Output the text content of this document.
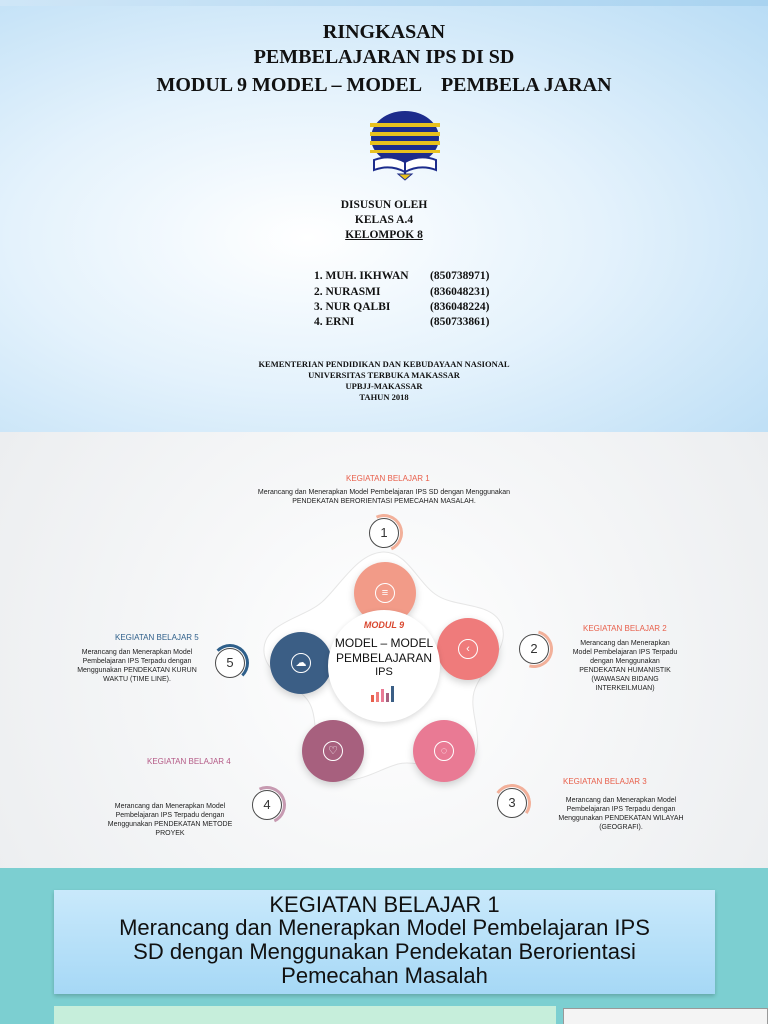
RINGKASAN
PEMBELAJARAN IPS DI SD
MODUL 9 MODEL – MODEL    PEMBELA JARAN
DISUSUN OLEH
KELAS A.4
KELOMPOK 8
1. MUH. IKHWAN (850738971)
2. NURASMI	(836048231)
3. NUR QALBI	(836048224)
4. ERNI	(850733861)
KEMENTERIAN PENDIDIKAN DAN KEBUDAYAAN NASIONAL
UNIVERSITAS TERBUKA MAKASSAR
UPBJJ-MAKASSAR
TAHUN 2018
KEGIATAN BELAJAR 1
Merancang dan Menerapkan Model Pembelajaran IPS SD dengan Menggunakan
PENDEKATAN BERORIENTASI PEMECAHAN MASALAH.
1
≡
KEGIATAN BELAJAR 2
Merancang dan Menerapkan
Model Pembelajaran IPS Terpadu
dengan Menggunakan
PENDEKATAN HUMANISTIK
(WAWASAN BIDANG
INTERKEILMUAN)
2
‹
KEGIATAN BELAJAR 3
Merancang dan Menerapkan Model
Pembelajaran IPS Terpadu dengan
Menggunakan PENDEKATAN WILAYAH
(GEOGRAFI).
3
◌
KEGIATAN BELAJAR 4
Merancang dan Menerapkan Model
Pembelajaran IPS Terpadu dengan
Menggunakan PENDEKATAN METODE
PROYEK
4
♡
KEGIATAN BELAJAR 5
Merancang dan Menerapkan Model
Pembelajaran IPS Terpadu dengan
Menggunakan PENDEKATAN KURUN
WAKTU (TIME LINE).
5	☁
MODUL 9
MODEL – MODEL
PEMBELAJARAN
IPS
KEGIATAN BELAJAR 1
Merancang dan Menerapkan Model Pembelajaran IPS
SD dengan Menggunakan Pendekatan Berorientasi
Pemecahan Masalah
